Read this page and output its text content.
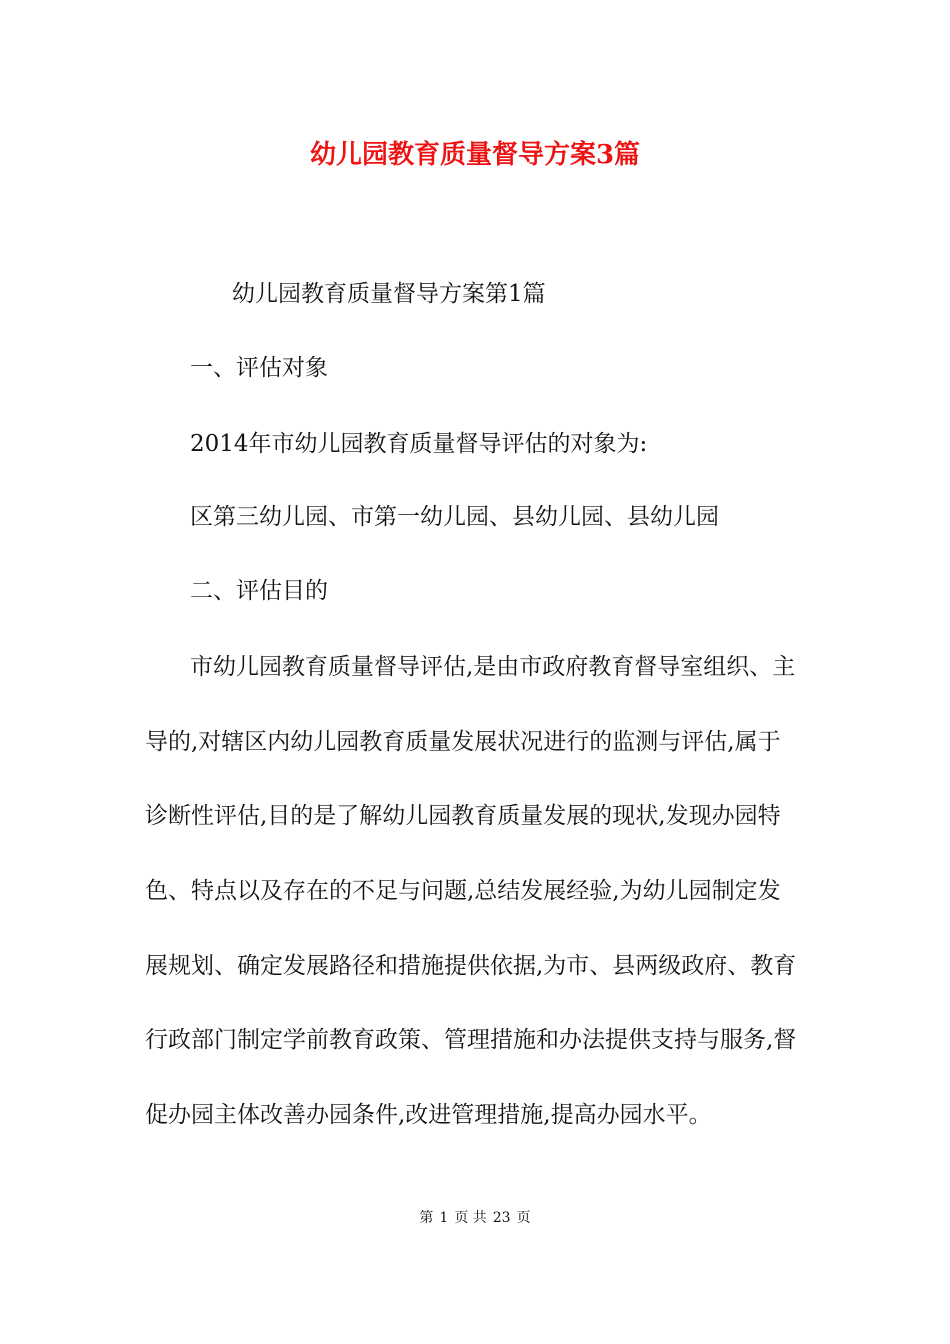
幼儿园教育质量督导方案3篇
幼儿园教育质量督导方案第1篇
一、评估对象
2014年市幼儿园教育质量督导评估的对象为:
区第三幼儿园、市第一幼儿园、县幼儿园、县幼儿园
二、评估目的
市幼儿园教育质量督导评估,是由市政府教育督导室组织、主
导的,对辖区内幼儿园教育质量发展状况进行的监测与评估,属于
诊断性评估,目的是了解幼儿园教育质量发展的现状,发现办园特
色、特点以及存在的不足与问题,总结发展经验,为幼儿园制定发
展规划、确定发展路径和措施提供依据,为市、县两级政府、教育
行政部门制定学前教育政策、管理措施和办法提供支持与服务,督
促办园主体改善办园条件,改进管理措施,提高办园水平。
第 1 页 共 23 页
